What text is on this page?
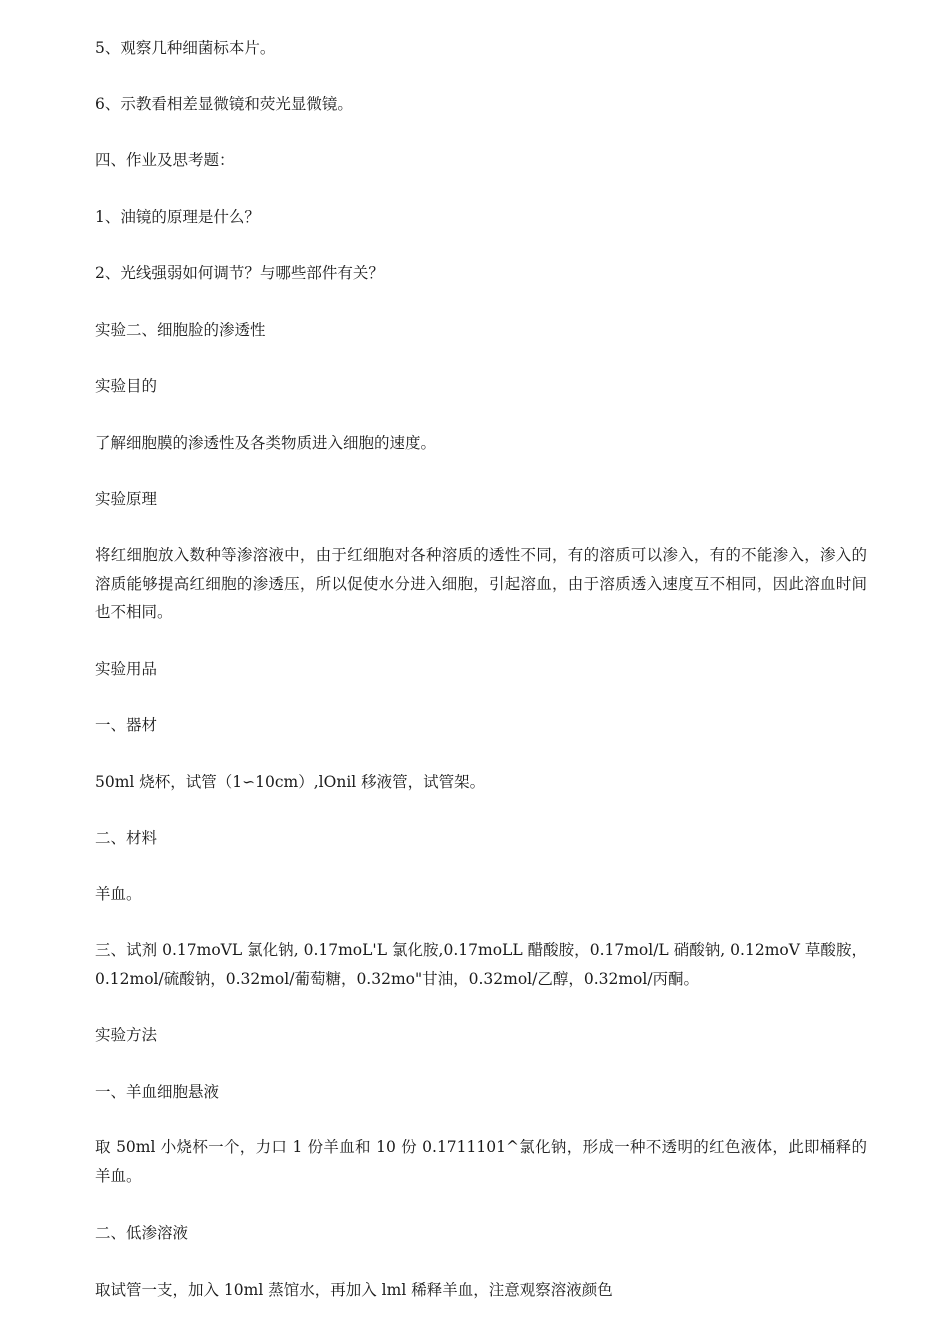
5、观察几种细菌标本片。

6、示教看相差显微镜和荧光显微镜。

四、作业及思考题：

1、油镜的原理是什么？

2、光线强弱如何调节？与哪些部件有关？

实验二、细胞脸的渗透性

实验目的

了解细胞膜的渗透性及各类物质进入细胞的速度。

实验原理

将红细胞放入数种等渗溶液中，由于红细胞对各种溶质的透性不同，有的溶质可以渗入，有的不能渗入，渗入的溶质能够提高红细胞的渗透压，所以促使水分进入细胞，引起溶血，由于溶质透入速度互不相同，因此溶血时间也不相同。

实验用品

一、器材

50ml 烧杯，试管（1∽10cm）,lOnil 移液管，试管架。

二、材料

羊血。

三、试剂 0.17moVL 氯化钠, 0.17moL'L 氯化胺,0.17moLL 醋酸胺，0.17mol/L 硝酸钠, 0.12moV 草酸胺，0.12mol/硫酸钠，0.32mol/葡萄糖，0.32mo"甘油，0.32mol/乙醇，0.32mol/丙酮。

实验方法

一、羊血细胞悬液

取 50ml 小烧杯一个，力口 1 份羊血和 10 份 0.1711101^氯化钠，形成一种不透明的红色液体，此即桶释的羊血。

二、低渗溶液

取试管一支，加入 10ml 蒸馆水，再加入 lml 稀释羊血，注意观察溶液颜色
